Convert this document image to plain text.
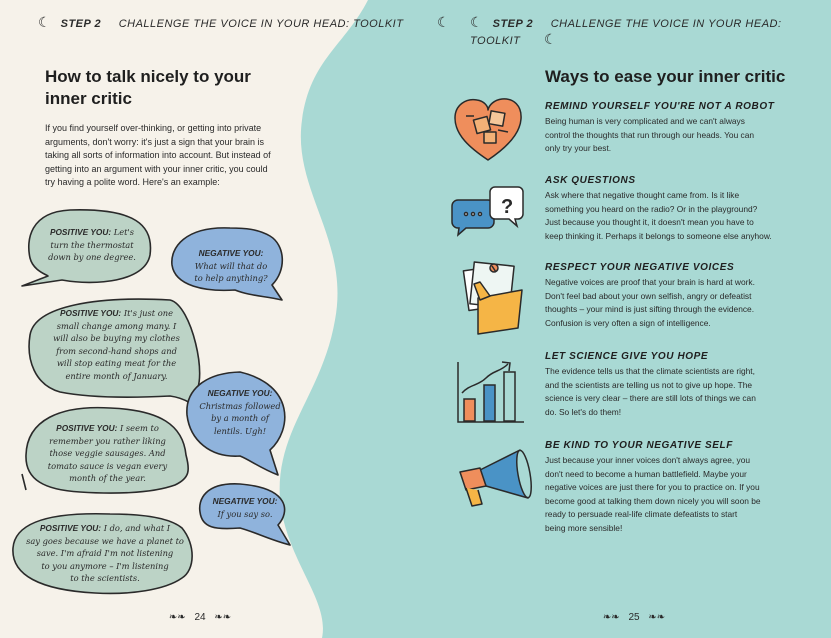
☾ STEP 2 CHALLENGE THE VOICE IN YOUR HEAD: TOOLKIT ☾
How to talk nicely to your
inner critic
If you find yourself over-thinking, or getting into private
arguments, don't worry: it's just a sign that your brain is
taking all sorts of information into account. But instead of
getting into an argument with your inner critic, you could
try having a polite word. Here's an example:
POSITIVE YOU: Let's
turn the thermostat
down by one degree.	NEGATIVE YOU:
What will that do
to help anything?
POSITIVE YOU: It's just one
small change among many. I
will also be buying my clothes
from second-hand shops and
will stop eating meat for the
entire month of January.
NEGATIVE YOU:
Christmas followed
by a month of
lentils. Ugh!
POSITIVE YOU: I seem to
remember you rather liking
those veggie sausages. And
tomato sauce is vegan every
month of the year.
NEGATIVE YOU:
If you say so.
POSITIVE YOU: I do, and what I
say goes because we have a planet to
save. I'm afraid I'm not listening
to you anymore – I'm listening
to the scientists.
❧❧ 24 ❧❧
☾ STEP 2 CHALLENGE THE VOICE IN YOUR HEAD: TOOLKIT ☾
Ways to ease your inner critic
?
REMIND YOURSELF YOU'RE NOT A ROBOT
Being human is very complicated and we can't always
control the thoughts that run through our heads. You can
only try your best.
ASK QUESTIONS
Ask where that negative thought came from. Is it like
something you heard on the radio? Or in the playground?
Just because you thought it, it doesn't mean you have to
keep thinking it. Perhaps it belongs to someone else anyhow.
RESPECT YOUR NEGATIVE VOICES
Negative voices are proof that your brain is hard at work.
Don't feel bad about your own selfish, angry or defeatist
thoughts – your mind is just sifting through the evidence.
Confusion is very often a sign of intelligence.
LET SCIENCE GIVE YOU HOPE
The evidence tells us that the climate scientists are right,
and the scientists are telling us not to give up hope. The
science is very clear – there are still lots of things we can
do. So let's do them!
BE KIND TO YOUR NEGATIVE SELF
Just because your inner voices don't always agree, you
don't need to become a human battlefield. Maybe your
negative voices are just there for you to practice on. If you
become good at talking them down nicely you will soon be
ready to persuade real-life climate defeatists to start
being more sensible!
❧❧ 25 ❧❧
